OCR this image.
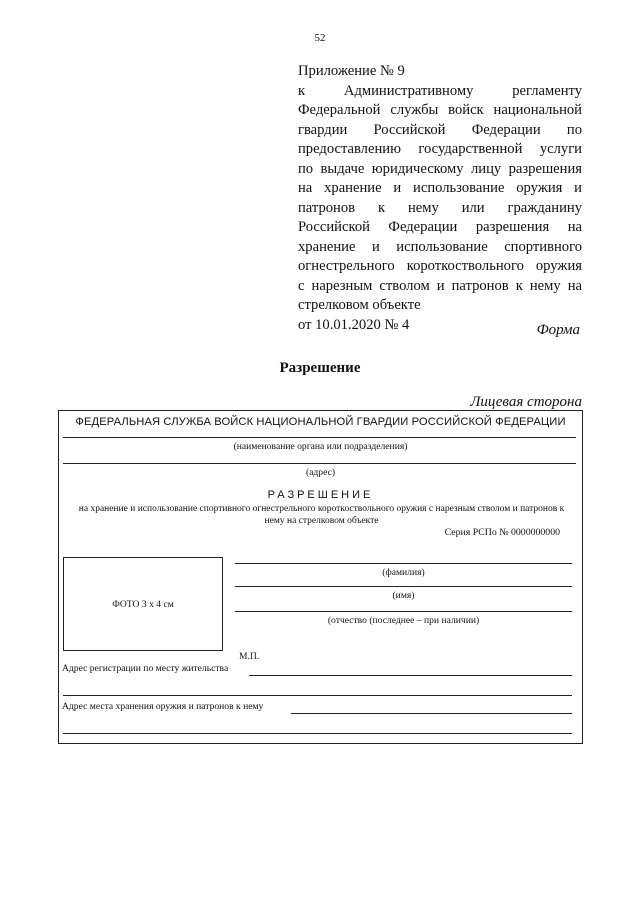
52
Приложение № 9
к Административному регламенту
Федеральной службы войск национальной
гвардии Российской Федерации по
предоставлению государственной услуги
по выдаче юридическому лицу разрешения
на хранение и использование оружия и
патронов к нему или гражданину
Российской Федерации разрешения на
хранение и использование спортивного
огнестрельного короткоствольного оружия
с нарезным стволом и патронов к нему на
стрелковом объекте
от 10.01.2020 № 4	Форма
Разрешение
Лицевая сторона
ФЕДЕРАЛЬНАЯ СЛУЖБА ВОЙСК НАЦИОНАЛЬНОЙ ГВАРДИИ РОССИЙСКОЙ ФЕДЕРАЦИИ
(наименование органа или подразделения)
(адрес)
РАЗРЕШЕНИЕ
на хранение и использование спортивного огнестрельного короткоствольного оружия с нарезным стволом и патронов к нему на стрелковом объекте
Серия РСПо № 0000000000
ФОТО 3 х 4 см
(фамилия)
(имя)
(отчество (последнее – при наличии)
М.П.
Адрес регистрации по месту жительства
Адрес места хранения оружия и патронов к нему
